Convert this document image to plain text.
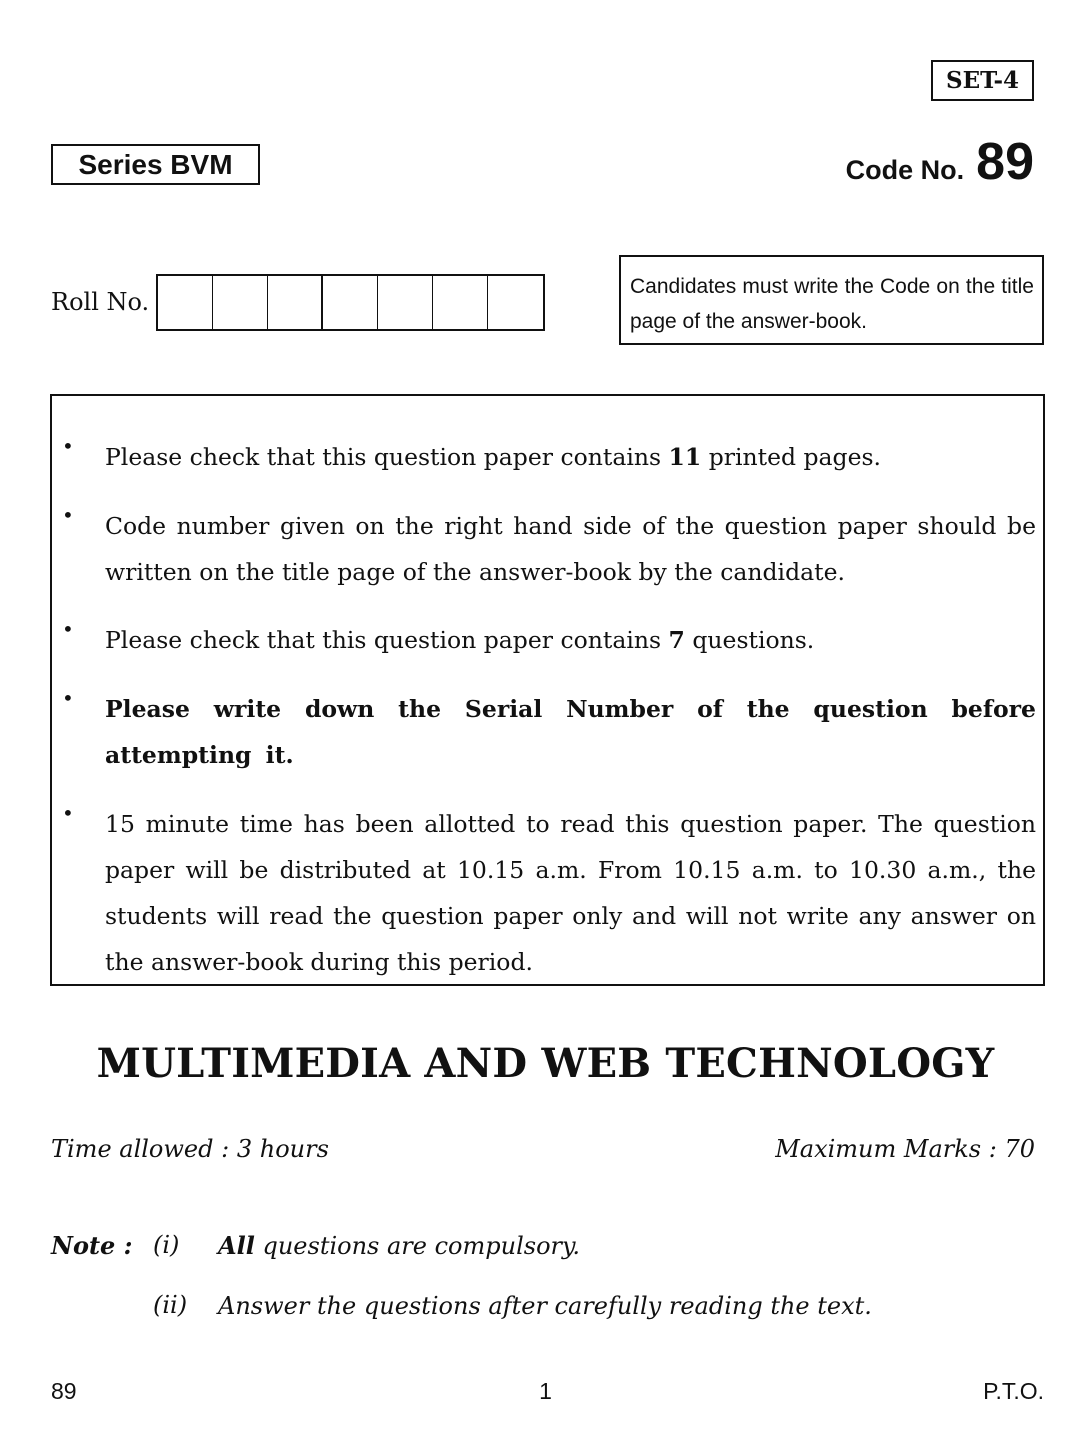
SET-4
Series BVM	Code No. 89
Roll No.
Candidates must write the Code on the title page of the answer-book.
• Please check that this question paper contains 11 printed pages.
• Code number given on the right hand side of the question paper should be written on the title page of the answer-book by the candidate.
• Please check that this question paper contains 7 questions.
• Please write down the Serial Number of the question before attempting it.
• 15 minute time has been allotted to read this question paper. The question paper will be distributed at 10.15 a.m. From 10.15 a.m. to 10.30 a.m., the students will read the question paper only and will not write any answer on the answer-book during this period.
MULTIMEDIA AND WEB TECHNOLOGY
Time allowed : 3 hours	Maximum Marks : 70
Note : (i) All questions are compulsory.
(ii) Answer the questions after carefully reading the text.
89	1	P.T.O.
